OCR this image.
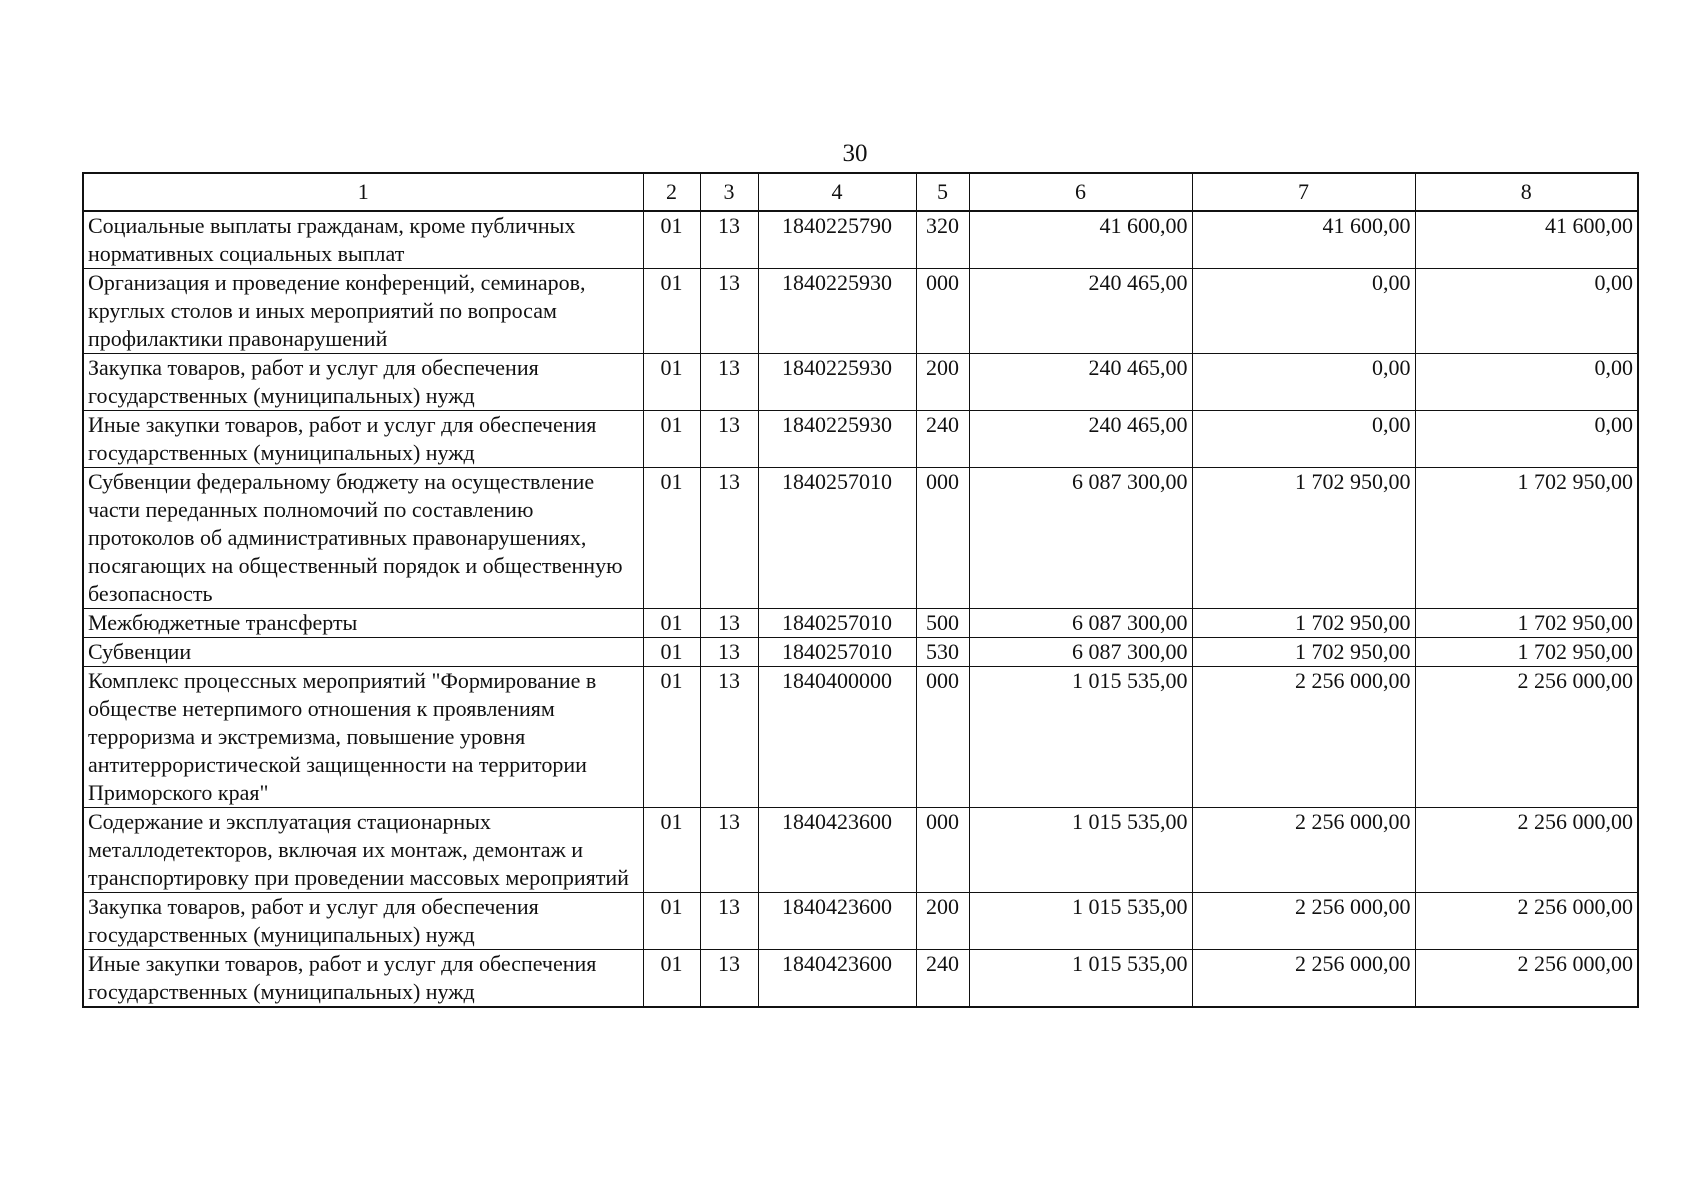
30
1	2	3	4	5	6	7	8
Социальные выплаты гражданам, кроме публичных нормативных социальных выплат	01	13	1840225790	320	41 600,00	41 600,00	41 600,00
Организация и проведение конференций, семинаров, круглых столов и иных мероприятий по вопросам профилактики правонарушений	01	13	1840225930	000	240 465,00	0,00	0,00
Закупка товаров, работ и услуг для обеспечения государственных (муниципальных) нужд	01	13	1840225930	200	240 465,00	0,00	0,00
Иные закупки товаров, работ и услуг для обеспечения государственных (муниципальных) нужд	01	13	1840225930	240	240 465,00	0,00	0,00
Субвенции федеральному бюджету на осуществление части переданных полномочий по составлению протоколов об административных правонарушениях, посягающих на общественный порядок и общественную безопасность	01	13	1840257010	000	6 087 300,00	1 702 950,00	1 702 950,00
Межбюджетные трансферты	01	13	1840257010	500	6 087 300,00	1 702 950,00	1 702 950,00
Субвенции	01	13	1840257010	530	6 087 300,00	1 702 950,00	1 702 950,00
Комплекс процессных мероприятий "Формирование в обществе нетерпимого отношения к проявлениям терроризма и экстремизма, повышение уровня антитеррористической защищенности на территории Приморского края"	01	13	1840400000	000	1 015 535,00	2 256 000,00	2 256 000,00
Содержание и эксплуатация стационарных металлодетекторов, включая их монтаж, демонтаж и транспортировку при проведении массовых мероприятий	01	13	1840423600	000	1 015 535,00	2 256 000,00	2 256 000,00
Закупка товаров, работ и услуг для обеспечения государственных (муниципальных) нужд	01	13	1840423600	200	1 015 535,00	2 256 000,00	2 256 000,00
Иные закупки товаров, работ и услуг для обеспечения государственных (муниципальных) нужд	01	13	1840423600	240	1 015 535,00	2 256 000,00	2 256 000,00
